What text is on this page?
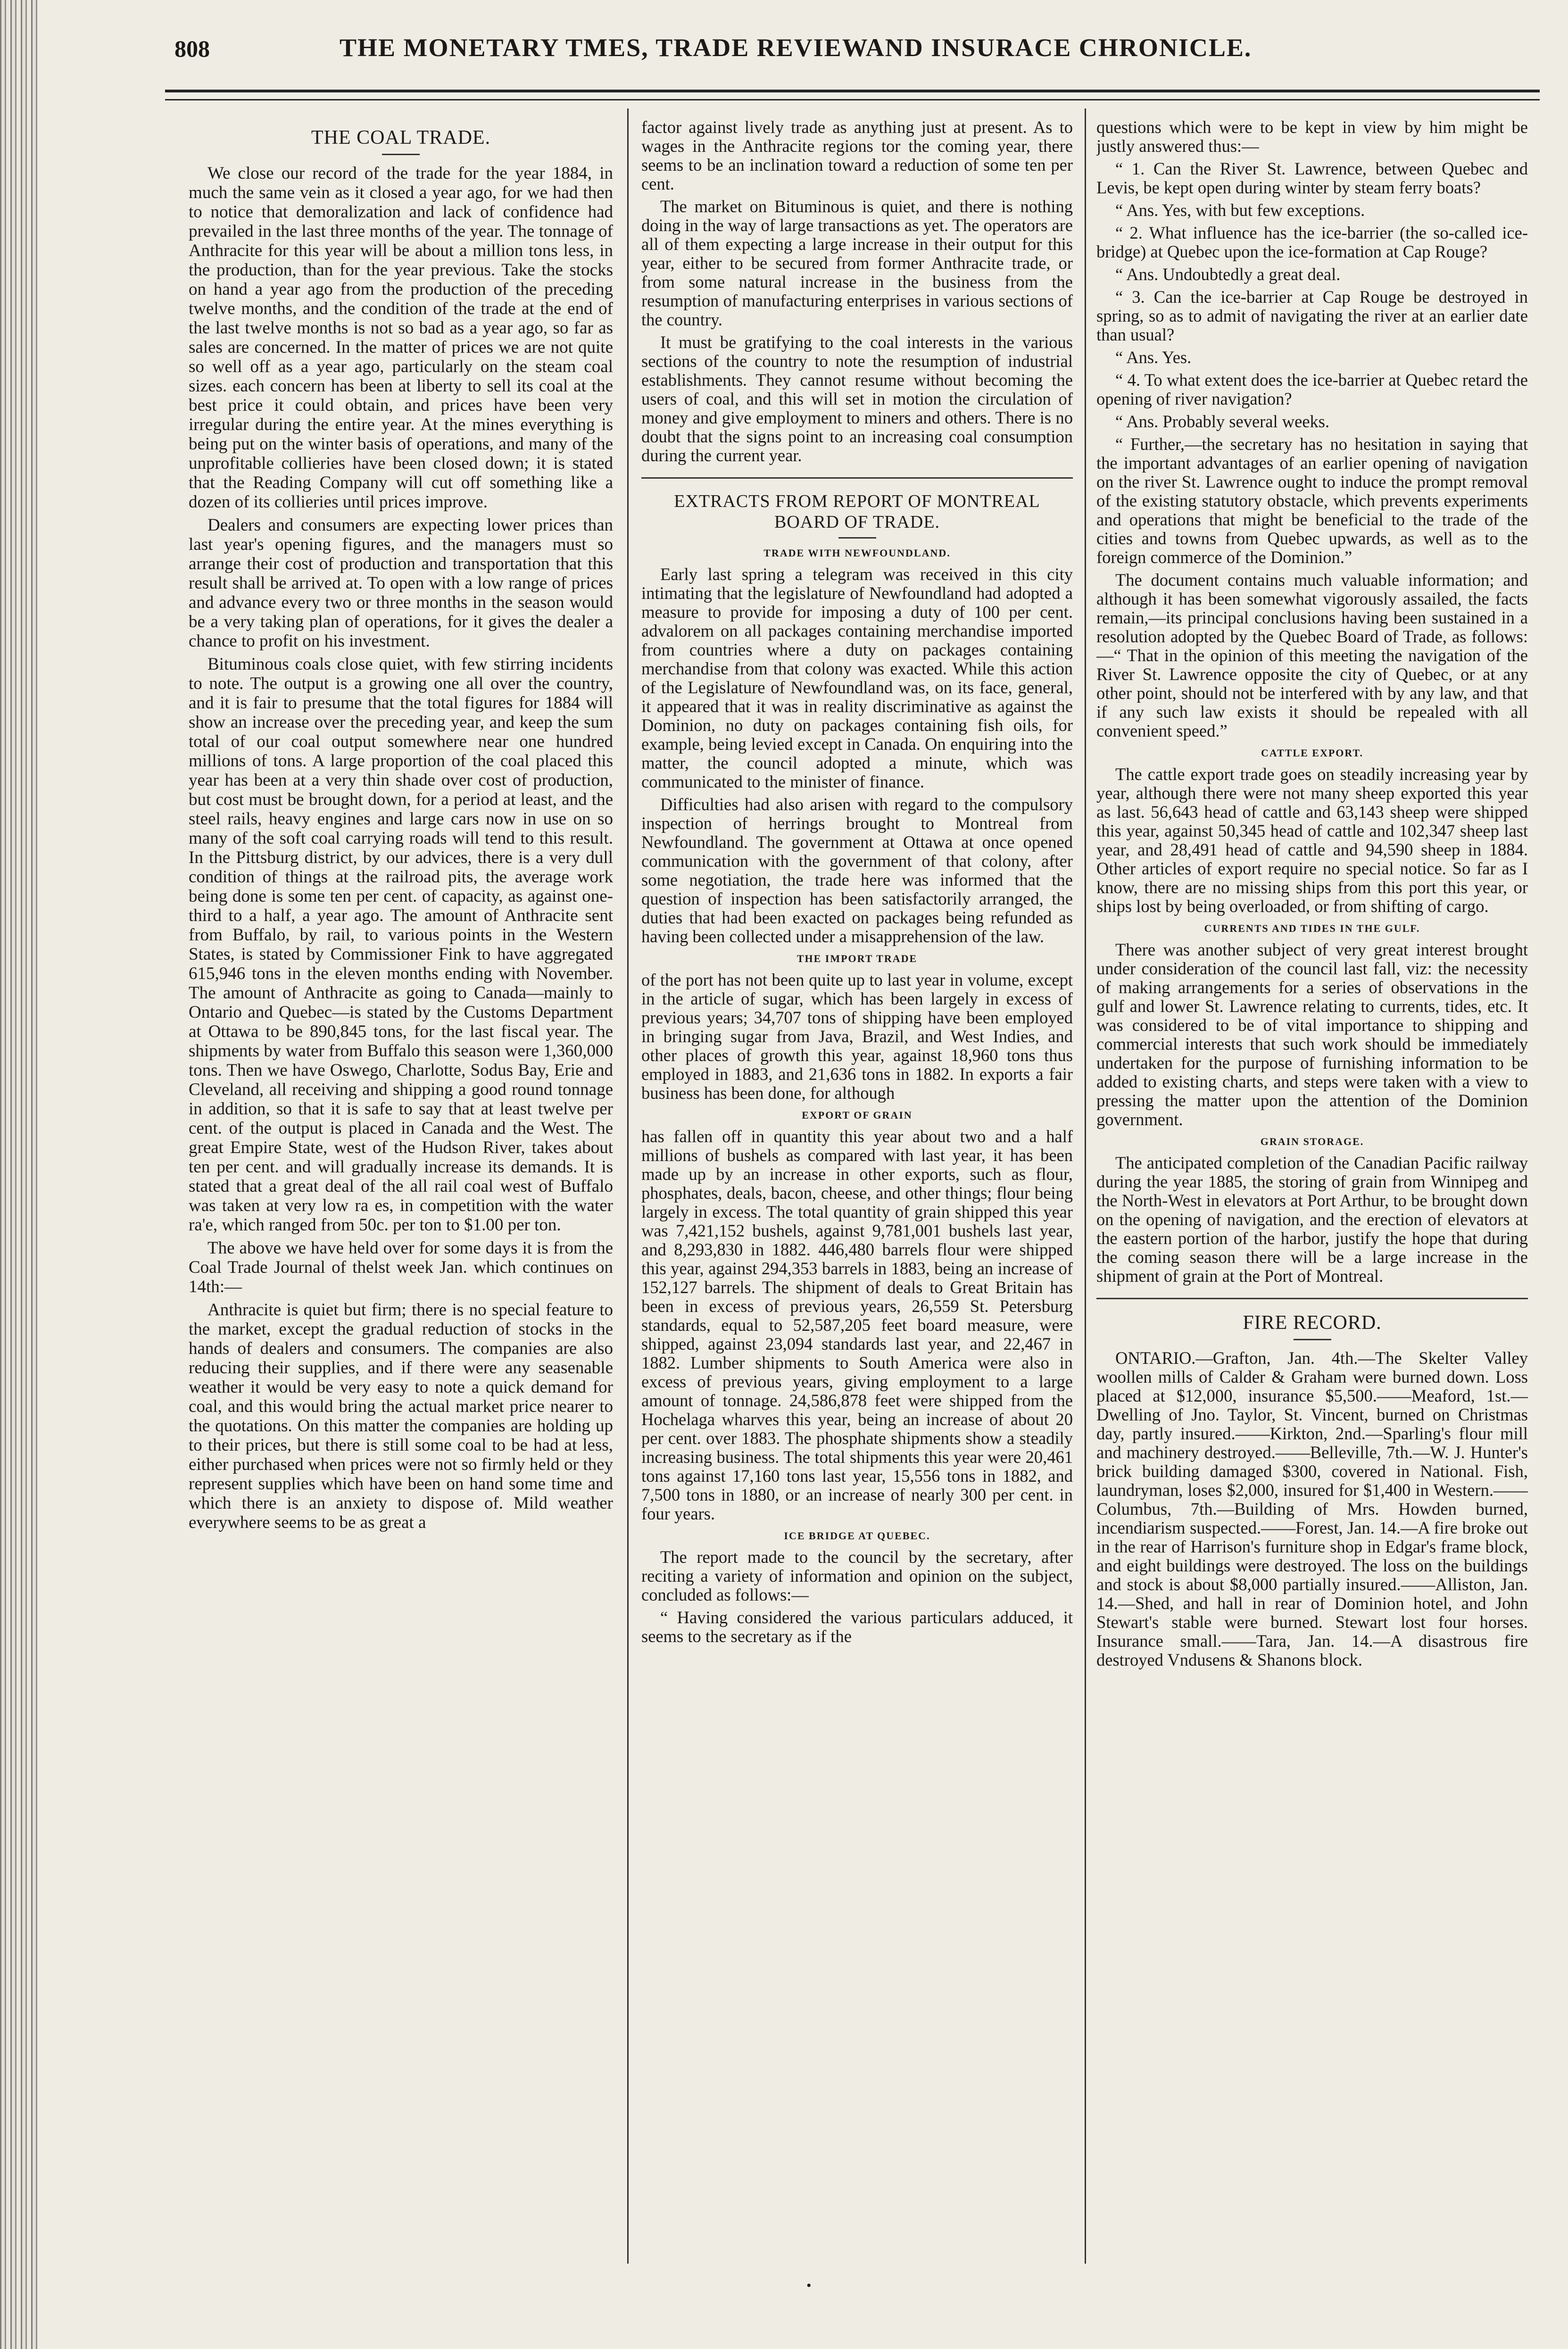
808	THE MONETARY TMES, TRADE REVIEWAND INSURACE CHRONICLE.
THE COAL TRADE.

We close our record of the trade for the year 1884, in much the same vein as it closed a year ago, for we had then to notice that demoralization and lack of confidence had prevailed in the last three months of the year. The tonnage of Anthracite for this year will be about a million tons less, in the production, than for the year previous. Take the stocks on hand a year ago from the production of the preceding twelve months, and the condition of the trade at the end of the last twelve months is not so bad as a year ago, so far as sales are concerned. In the matter of prices we are not quite so well off as a year ago, particularly on the steam coal sizes. each concern has been at liberty to sell its coal at the best price it could obtain, and prices have been very irregular during the entire year. At the mines everything is being put on the winter basis of operations, and many of the unprofitable collieries have been closed down; it is stated that the Reading Company will cut off something like a dozen of its collieries until prices improve.

Dealers and consumers are expecting lower prices than last year's opening figures, and the managers must so arrange their cost of production and transportation that this result shall be arrived at. To open with a low range of prices and advance every two or three months in the season would be a very taking plan of operations, for it gives the dealer a chance to profit on his investment.

Bituminous coals close quiet, with few stirring incidents to note. The output is a growing one all over the country, and it is fair to presume that the total figures for 1884 will show an increase over the preceding year, and keep the sum total of our coal output somewhere near one hundred millions of tons. A large proportion of the coal placed this year has been at a very thin shade over cost of production, but cost must be brought down, for a period at least, and the steel rails, heavy engines and large cars now in use on so many of the soft coal carrying roads will tend to this result. In the Pittsburg district, by our advices, there is a very dull condition of things at the railroad pits, the average work being done is some ten per cent. of capacity, as against one-third to a half, a year ago. The amount of Anthracite sent from Buffalo, by rail, to various points in the Western States, is stated by Commissioner Fink to have aggregated 615,946 tons in the eleven months ending with November. The amount of Anthracite as going to Canada—mainly to Ontario and Quebec—is stated by the Customs Department at Ottawa to be 890,845 tons, for the last fiscal year. The shipments by water from Buffalo this season were 1,360,000 tons. Then we have Oswego, Charlotte, Sodus Bay, Erie and Cleveland, all receiving and shipping a good round tonnage in addition, so that it is safe to say that at least twelve per cent. of the output is placed in Canada and the West. The great Empire State, west of the Hudson River, takes about ten per cent. and will gradually increase its demands. It is stated that a great deal of the all rail coal west of Buffalo was taken at very low ra es, in competition with the water ra'e, which ranged from 50c. per ton to $1.00 per ton.

The above we have held over for some days it is from the Coal Trade Journal of thelst week Jan. which continues on 14th:—

Anthracite is quiet but firm; there is no special feature to the market, except the gradual reduction of stocks in the hands of dealers and consumers. The companies are also reducing their supplies, and if there were any seasenable weather it would be very easy to note a quick demand for coal, and this would bring the actual market price nearer to the quotations. On this matter the companies are holding up to their prices, but there is still some coal to be had at less, either purchased when prices were not so firmly held or they represent supplies which have been on hand some time and which there is an anxiety to dispose of. Mild weather everywhere seems to be as great a

factor against lively trade as anything just at present. As to wages in the Anthracite regions tor the coming year, there seems to be an inclination toward a reduction of some ten per cent.

The market on Bituminous is quiet, and there is nothing doing in the way of large transactions as yet. The operators are all of them expecting a large increase in their output for this year, either to be secured from former Anthracite trade, or from some natural increase in the business from the resumption of manufacturing enterprises in various sections of the country.

It must be gratifying to the coal interests in the various sections of the country to note the resumption of industrial establishments. They cannot resume without becoming the users of coal, and this will set in motion the circulation of money and give employment to miners and others. There is no doubt that the signs point to an increasing coal consumption during the current year.

EXTRACTS FROM REPORT OF MONTREAL BOARD OF TRADE.
TRADE WITH NEWFOUNDLAND.

Early last spring a telegram was received in this city intimating that the legislature of Newfoundland had adopted a measure to provide for imposing a duty of 100 per cent. advalorem on all packages containing merchandise imported from countries where a duty on packages containing merchandise from that colony was exacted. While this action of the Legislature of Newfoundland was, on its face, general, it appeared that it was in reality discriminative as against the Dominion, no duty on packages containing fish oils, for example, being levied except in Canada. On enquiring into the matter, the council adopted a minute, which was communicated to the minister of finance.

Difficulties had also arisen with regard to the compulsory inspection of herrings brought to Montreal from Newfoundland. The government at Ottawa at once opened communication with the government of that colony, after some negotiation, the trade here was informed that the question of inspection has been satisfactorily arranged, the duties that had been exacted on packages being refunded as having been collected under a misapprehension of the law.

THE IMPORT TRADE

of the port has not been quite up to last year in volume, except in the article of sugar, which has been largely in excess of previous years; 34,707 tons of shipping have been employed in bringing sugar from Java, Brazil, and West Indies, and other places of growth this year, against 18,960 tons thus employed in 1883, and 21,636 tons in 1882. In exports a fair business has been done, for although

EXPORT OF GRAIN

has fallen off in quantity this year about two and a half millions of bushels as compared with last year, it has been made up by an increase in other exports, such as flour, phosphates, deals, bacon, cheese, and other things; flour being largely in excess. The total quantity of grain shipped this year was 7,421,152 bushels, against 9,781,001 bushels last year, and 8,293,830 in 1882. 446,480 barrels flour were shipped this year, against 294,353 barrels in 1883, being an increase of 152,127 barrels. The shipment of deals to Great Britain has been in excess of previous years, 26,559 St. Petersburg standards, equal to 52,587,205 feet board measure, were shipped, against 23,094 standards last year, and 22,467 in 1882. Lumber shipments to South America were also in excess of previous years, giving employment to a large amount of tonnage. 24,586,878 feet were shipped from the Hochelaga wharves this year, being an increase of about 20 per cent. over 1883. The phosphate shipments show a steadily increasing business. The total shipments this year were 20,461 tons against 17,160 tons last year, 15,556 tons in 1882, and 7,500 tons in 1880, or an increase of nearly 300 per cent. in four years.

ICE BRIDGE AT QUEBEC.

The report made to the council by the secretary, after reciting a variety of information and opinion on the subject, concluded as follows:—

“ Having considered the various particulars adduced, it seems to the secretary as if the

questions which were to be kept in view by him might be justly answered thus:—

“ 1. Can the River St. Lawrence, between Quebec and Levis, be kept open during winter by steam ferry boats?

“ Ans. Yes, with but few exceptions.

“ 2. What influence has the ice-barrier (the so-called ice-bridge) at Quebec upon the ice-formation at Cap Rouge?

“ Ans. Undoubtedly a great deal.

“ 3. Can the ice-barrier at Cap Rouge be destroyed in spring, so as to admit of navigating the river at an earlier date than usual?

“ Ans. Yes.

“ 4. To what extent does the ice-barrier at Quebec retard the opening of river navigation?

“ Ans. Probably several weeks.

“ Further,—the secretary has no hesitation in saying that the important advantages of an earlier opening of navigation on the river St. Lawrence ought to induce the prompt removal of the existing statutory obstacle, which prevents experiments and operations that might be beneficial to the trade of the cities and towns from Quebec upwards, as well as to the foreign commerce of the Dominion.”

The document contains much valuable information; and although it has been somewhat vigorously assailed, the facts remain,—its principal conclusions having been sustained in a resolution adopted by the Quebec Board of Trade, as follows:—“ That in the opinion of this meeting the navigation of the River St. Lawrence opposite the city of Quebec, or at any other point, should not be interfered with by any law, and that if any such law exists it should be repealed with all convenient speed.”

CATTLE EXPORT.

The cattle export trade goes on steadily increasing year by year, although there were not many sheep exported this year as last. 56,643 head of cattle and 63,143 sheep were shipped this year, against 50,345 head of cattle and 102,347 sheep last year, and 28,491 head of cattle and 94,590 sheep in 1884. Other articles of export require no special notice. So far as I know, there are no missing ships from this port this year, or ships lost by being overloaded, or from shifting of cargo.

CURRENTS AND TIDES IN THE GULF.

There was another subject of very great interest brought under consideration of the council last fall, viz: the necessity of making arrangements for a series of observations in the gulf and lower St. Lawrence relating to currents, tides, etc. It was considered to be of vital importance to shipping and commercial interests that such work should be immediately undertaken for the purpose of furnishing information to be added to existing charts, and steps were taken with a view to pressing the matter upon the attention of the Dominion government.

GRAIN STORAGE.

The anticipated completion of the Canadian Pacific railway during the year 1885, the storing of grain from Winnipeg and the North-West in elevators at Port Arthur, to be brought down on the opening of navigation, and the erection of elevators at the eastern portion of the harbor, justify the hope that during the coming season there will be a large increase in the shipment of grain at the Port of Montreal.

FIRE RECORD.

ONTARIO.—Grafton, Jan. 4th.—The Skelter Valley woollen mills of Calder & Graham were burned down. Loss placed at $12,000, insurance $5,500.——Meaford, 1st.—Dwelling of Jno. Taylor, St. Vincent, burned on Christmas day, partly insured.——Kirkton, 2nd.—Sparling's flour mill and machinery destroyed.——Belleville, 7th.—W. J. Hunter's brick building damaged $300, covered in National. Fish, laundryman, loses $2,000, insured for $1,400 in Western.——Columbus, 7th.—Building of Mrs. Howden burned, incendiarism suspected.——Forest, Jan. 14.—A fire broke out in the rear of Harrison's furniture shop in Edgar's frame block, and eight buildings were destroyed. The loss on the buildings and stock is about $8,000 partially insured.——Alliston, Jan. 14.—Shed, and hall in rear of Dominion hotel, and John Stewart's stable were burned. Stewart lost four horses. Insurance small.——Tara, Jan. 14.—A disastrous fire destroyed Vndusens & Shanons block.

•
